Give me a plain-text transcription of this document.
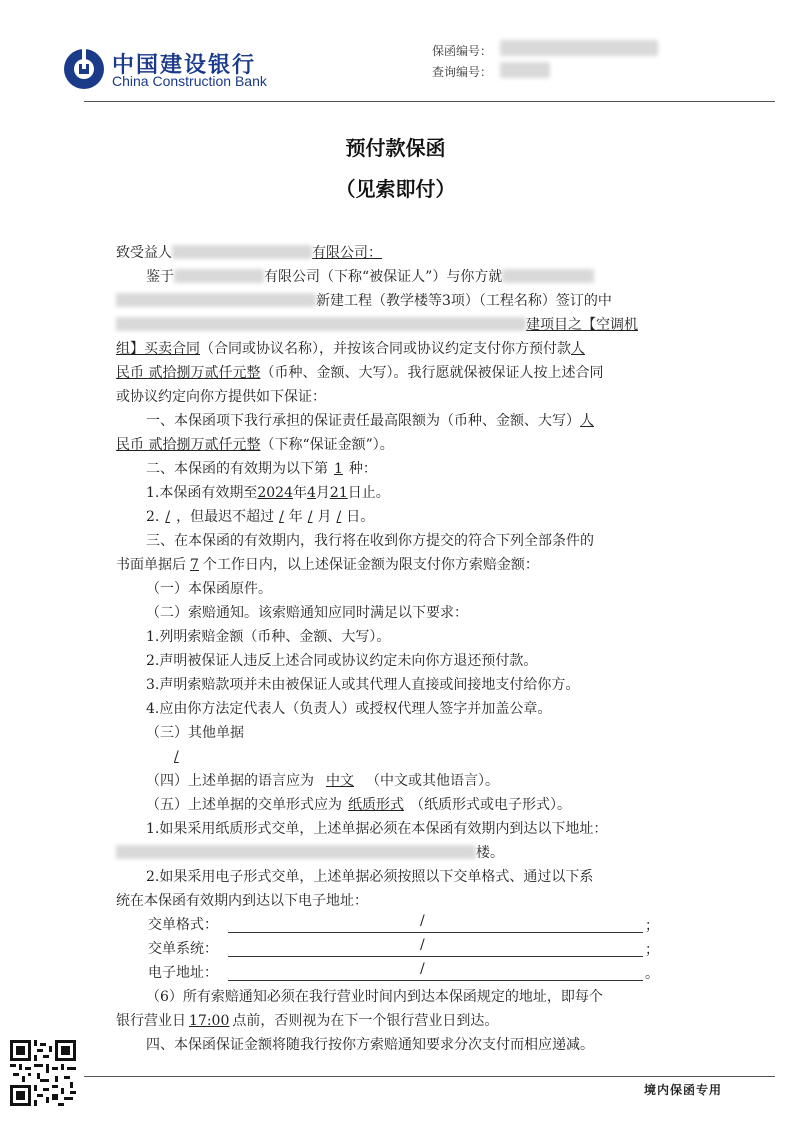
中国建设银行
China Construction Bank
保函编号：
查询编号：
预付款保函
（见索即付）
致受益人	有限公司：
鉴于	有限公司（下称“被保证人”）与你方就
新建工程（教学楼等3项）（工程名称）签订的中
建项目之【空调机
组】买卖合同（合同或协议名称），并按该合同或协议约定支付你方预付款人
民币 贰拾捌万贰仟元整（币种、金额、大写）。我行愿就保被保证人按上述合同
或协议约定向你方提供如下保证：
一、本保函项下我行承担的保证责任最高限额为（币种、金额、大写）人
民币 贰拾捌万贰仟元整（下称“保证金额”）。
二、本保函的有效期为以下第 1 种：
1.本保函有效期至2024年4月21日止。
2. / ，但最迟不超过 / 年 / 月 / 日。
三、在本保函的有效期内，我行将在收到你方提交的符合下列全部条件的
书面单据后 7 个工作日内，以上述保证金额为限支付你方索赔金额：
（一）本保函原件。
（二）索赔通知。该索赔通知应同时满足以下要求：
1.列明索赔金额（币种、金额、大写）。
2.声明被保证人违反上述合同或协议约定未向你方退还预付款。
3.声明索赔款项并未由被保证人或其代理人直接或间接地支付给你方。
4.应由你方法定代表人（负责人）或授权代理人签字并加盖公章。
（三）其他单据
/
（四）上述单据的语言应为 中文 （中文或其他语言）。
（五）上述单据的交单形式应为 纸质形式 （纸质形式或电子形式）。
1.如果采用纸质形式交单，上述单据必须在本保函有效期内到达以下地址：
楼。
2.如果采用电子形式交单，上述单据必须按照以下交单格式、通过以下系
统在本保函有效期内到达以下电子地址：
交单格式：	/	；
交单系统：	/	；
电子地址：	/	。
（6）所有索赔通知必须在我行营业时间内到达本保函规定的地址，即每个
银行营业日 17:00 点前，否则视为在下一个银行营业日到达。
四、本保函保证金额将随我行按你方索赔通知要求分次支付而相应递减。
境内保函专用
